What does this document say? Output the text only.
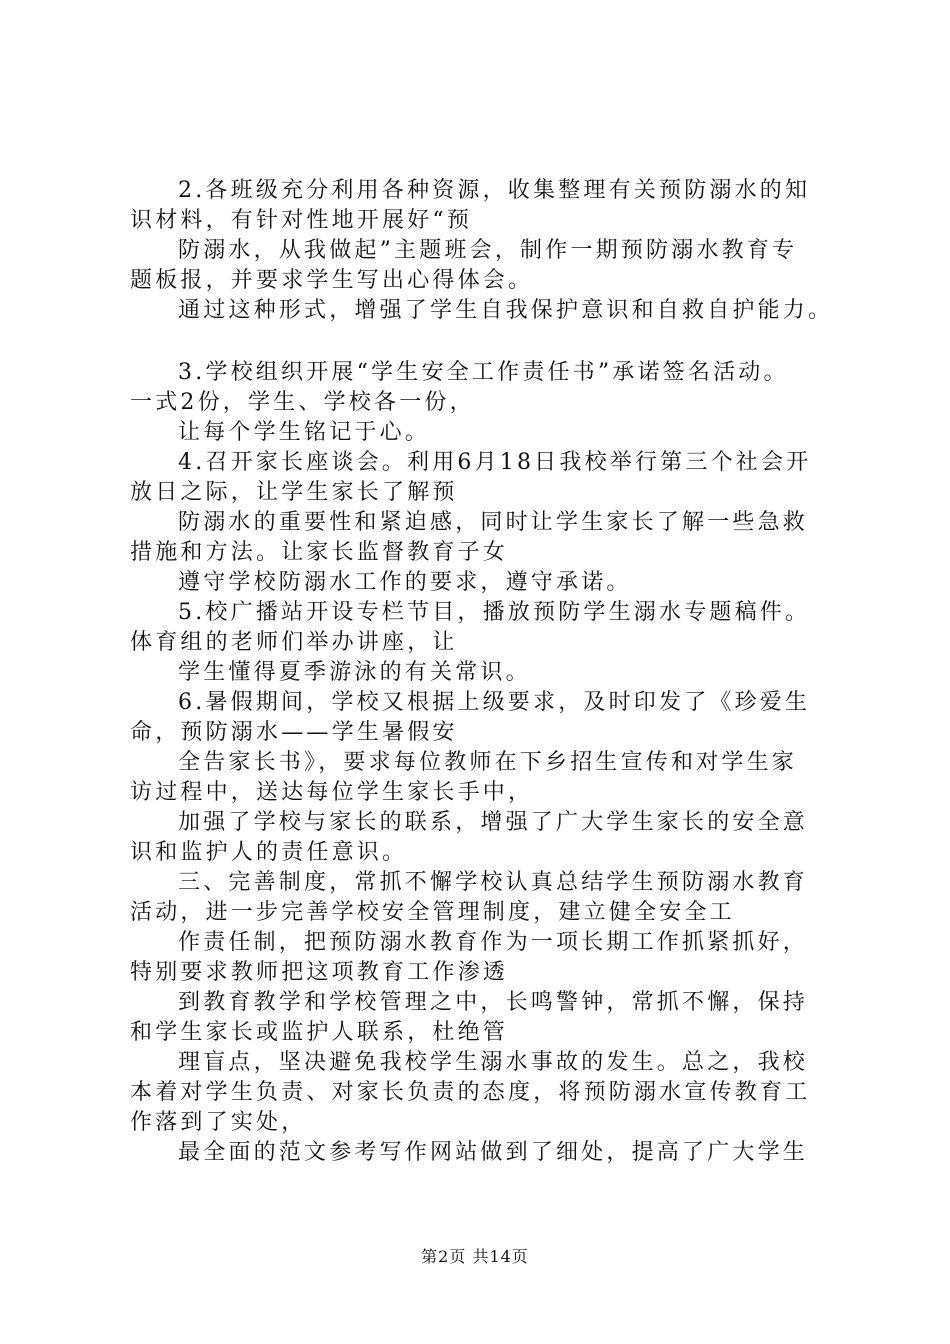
2.各班级充分利用各种资源，收集整理有关预防溺水的知
识材料，有针对性地开展好“预
防溺水，从我做起”主题班会，制作一期预防溺水教育专
题板报，并要求学生写出心得体会。
通过这种形式，增强了学生自我保护意识和自救自护能力。
3.学校组织开展“学生安全工作责任书”承诺签名活动。
一式2份，学生、学校各一份，
让每个学生铭记于心。
4.召开家长座谈会。利用6月18日我校举行第三个社会开
放日之际，让学生家长了解预
防溺水的重要性和紧迫感，同时让学生家长了解一些急救
措施和方法。让家长监督教育子女
遵守学校防溺水工作的要求，遵守承诺。
5.校广播站开设专栏节目，播放预防学生溺水专题稿件。
体育组的老师们举办讲座，让
学生懂得夏季游泳的有关常识。
6.暑假期间，学校又根据上级要求，及时印发了《珍爱生
命，预防溺水——学生暑假安
全告家长书》，要求每位教师在下乡招生宣传和对学生家
访过程中，送达每位学生家长手中，
加强了学校与家长的联系，增强了广大学生家长的安全意
识和监护人的责任意识。
三、完善制度，常抓不懈学校认真总结学生预防溺水教育
活动，进一步完善学校安全管理制度，建立健全安全工
作责任制，把预防溺水教育作为一项长期工作抓紧抓好，
特别要求教师把这项教育工作渗透
到教育教学和学校管理之中，长鸣警钟，常抓不懈，保持
和学生家长或监护人联系，杜绝管
理盲点，坚决避免我校学生溺水事故的发生。总之，我校
本着对学生负责、对家长负责的态度，将预防溺水宣传教育工
作落到了实处，
最全面的范文参考写作网站做到了细处，提高了广大学生
第2页 共14页
